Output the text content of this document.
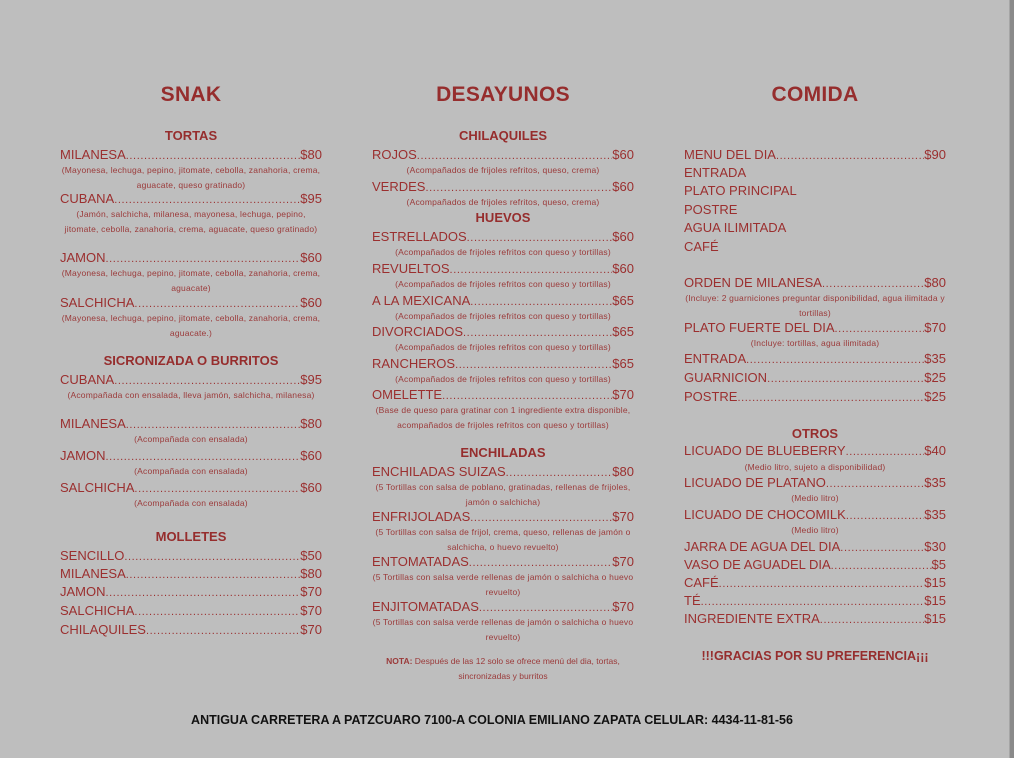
SNAK
TORTAS
MILANESA .....	$80
(Mayonesa, lechuga, pepino, jitomate, cebolla, zanahoria, crema, aguacate, queso gratinado)
CUBANA .....	$95
(Jamón, salchicha, milanesa, mayonesa, lechuga, pepino, jitomate, cebolla, zanahoria, crema, aguacate, queso gratinado)
JAMON .....	$60
(Mayonesa, lechuga, pepino, jitomate, cebolla, zanahoria, crema, aguacate)
SALCHICHA .....	$60
(Mayonesa, lechuga, pepino, jitomate, cebolla, zanahoria, crema, aguacate.)
SICRONIZADA O BURRITOS
CUBANA .....	$95
(Acompañada con ensalada, lleva jamón, salchicha, milanesa)
MILANESA .....	$80
(Acompañada con ensalada)
JAMON .....	$60
(Acompañada con ensalada)
SALCHICHA .....	$60
(Acompañada con ensalada)
MOLLETES
SENCILLO .....	$50
MILANESA .....	$80
JAMON .....	$70
SALCHICHA .....	$70
CHILAQUILES .....	$70
DESAYUNOS
CHILAQUILES
ROJOS .....	$60
(Acompañados de frijoles refritos, queso, crema)
VERDES .....	$60
(Acompañados de frijoles refritos, queso, crema)
HUEVOS
ESTRELLADOS .....	$60
(Acompañados de frijoles refritos con queso y tortillas)
REVUELTOS .....	$60
(Acompañados de frijoles refritos con queso y tortillas)
A LA MEXICANA .....	$65
(Acompañados de frijoles refritos con queso y tortillas)
DIVORCIADOS .....	$65
(Acompañados de frijoles refritos con queso y tortillas)
RANCHEROS .....	$65
(Acompañados de frijoles refritos con queso y tortillas)
OMELETTE .....	$70
(Base de queso para gratinar con 1 ingrediente extra disponible, acompañados de frijoles refritos con queso y tortillas)
ENCHILADAS
ENCHILADAS SUIZAS .....	$80
(5 Tortillas con salsa de poblano, gratinadas, rellenas de frijoles, jamón o salchicha)
ENFRIJOLADAS .....	$70
(5 Tortillas con salsa de frijol, crema, queso, rellenas de jamón o salchicha, o huevo revuelto)
ENTOMATADAS .....	$70
(5 Tortillas con salsa verde rellenas de jamón o salchicha o huevo revuelto)
ENJITOMATADAS .....	$70
(5 Tortillas con salsa verde rellenas de jamón o salchicha o huevo revuelto)
NOTA: Después de las 12 solo se ofrece menú del dia, tortas, sincronizadas y burritos
COMIDA
MENU DEL DIA .....	$90
ENTRADA
PLATO PRINCIPAL
POSTRE
AGUA ILIMITADA
CAFÉ
ORDEN DE MILANESA .....	$80
(Incluye: 2 guarniciones preguntar disponibilidad, agua ilimitada y tortillas)
PLATO FUERTE DEL DIA .....	$70
(Incluye: tortillas, agua ilimitada)
ENTRADA .....	$35
GUARNICION .....	$25
POSTRE .....	$25
OTROS
LICUADO DE BLUEBERRY .....	$40
(Medio litro, sujeto a disponibilidad)
LICUADO DE PLATANO .....	$35
(Medio litro)
LICUADO DE CHOCOMILK .....	$35
(Medio litro)
JARRA DE AGUA DEL DIA .....	$30
VASO DE AGUADEL DIA .....	$5
CAFÉ .....	$15
TÉ .....	$15
INGREDIENTE EXTRA .....	$15
!!!GRACIAS POR SU PREFERENCIA¡¡¡
ANTIGUA CARRETERA A PATZCUARO 7100-A COLONIA EMILIANO ZAPATA CELULAR: 4434-11-81-56
